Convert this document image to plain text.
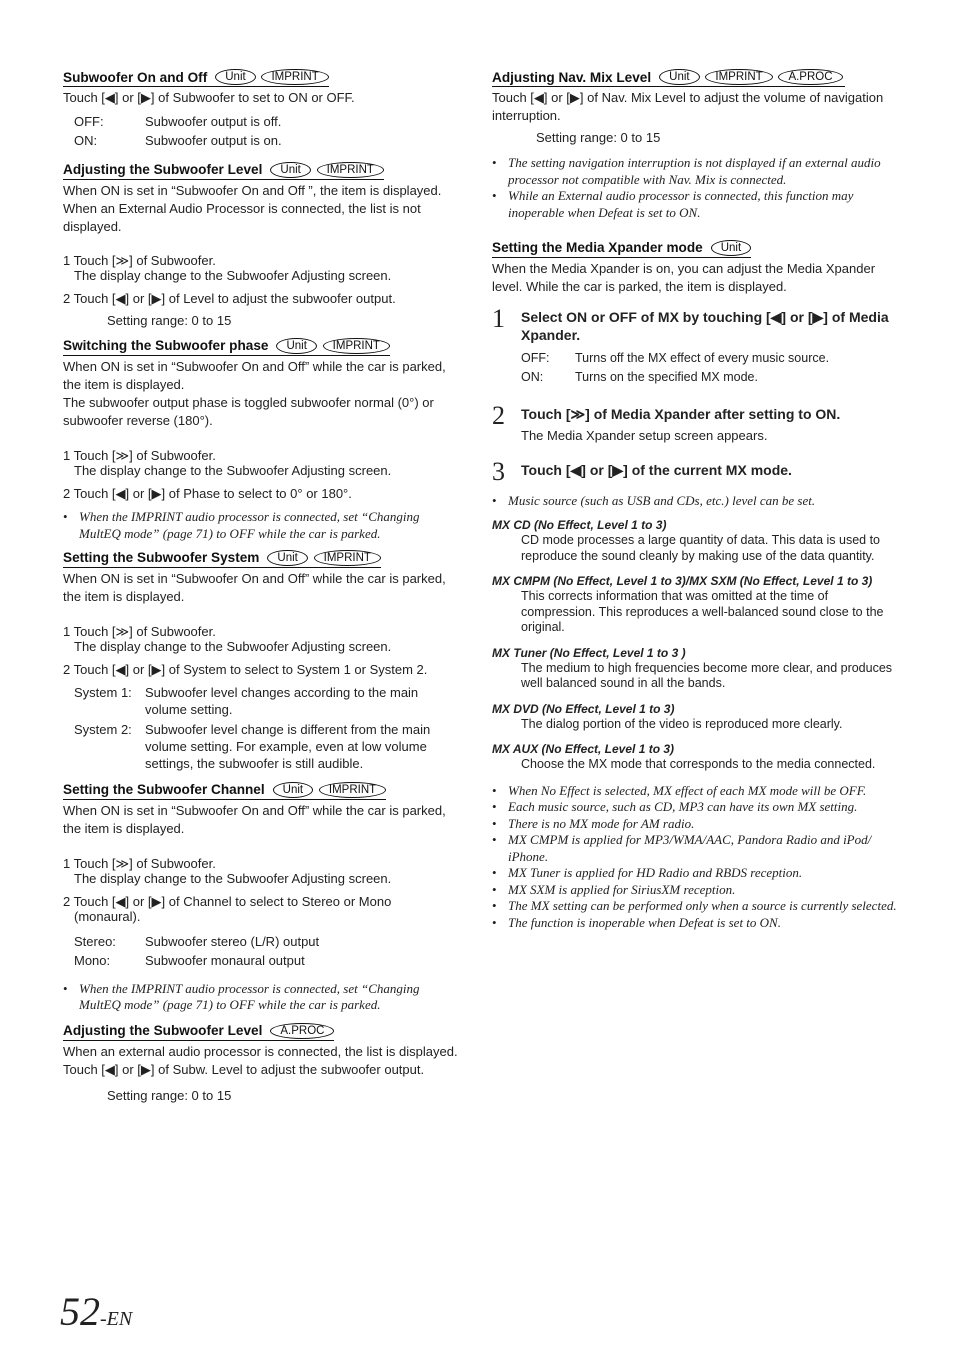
Subwoofer On and Off Unit IMPRINT

Touch [◀] or [▶] of Subwoofer to set to ON or OFF.

OFF:	Subwoofer output is off.
ON:	Subwoofer output is on.
Adjusting the Subwoofer Level Unit IMPRINT

When ON is set in “Subwoofer On and Off ”, the item is displayed.

When an External Audio Processor is connected, the list is not displayed.

1 Touch [≫] of Subwoofer.
The display change to the Subwoofer Adjusting screen.
2 Touch [◀] or [▶] of Level to adjust the subwoofer output.
Setting range: 0 to 15
Switching the Subwoofer phase Unit IMPRINT

When ON is set in “Subwoofer On and Off” while the car is parked, the item is displayed.

The subwoofer output phase is toggled subwoofer normal (0°) or subwoofer reverse (180°).

1 Touch [≫] of Subwoofer.
The display change to the Subwoofer Adjusting screen.
2 Touch [◀] or [▶] of Phase to select to 0° or 180°.
• When the IMPRINT audio processor is connected, set “Changing MultEQ mode” (page 71) to OFF while the car is parked.
Setting the Subwoofer System Unit IMPRINT

When ON is set in “Subwoofer On and Off” while the car is parked, the item is displayed.

1 Touch [≫] of Subwoofer.
The display change to the Subwoofer Adjusting screen.
2 Touch [◀] or [▶] of System to select to System 1 or System 2.
System 1:	Subwoofer level changes according to the main volume setting.
System 2:	Subwoofer level change is different from the main volume setting. For example, even at low volume settings, the subwoofer is still audible.
Setting the Subwoofer Channel Unit IMPRINT

When ON is set in “Subwoofer On and Off” while the car is parked, the item is displayed.

1 Touch [≫] of Subwoofer.
The display change to the Subwoofer Adjusting screen.
2 Touch [◀] or [▶] of Channel to select to Stereo or Mono
(monaural).
Stereo:	Subwoofer stereo (L/R) output
Mono:	Subwoofer monaural output
• When the IMPRINT audio processor is connected, set “Changing MultEQ mode” (page 71) to OFF while the car is parked.
Adjusting the Subwoofer Level A.PROC

When an external audio processor is connected, the list is displayed.

Touch [◀] or [▶] of Subw. Level to adjust the subwoofer output.

Setting range: 0 to 15
Adjusting Nav. Mix Level Unit IMPRINT A.PROC

Touch [◀] or [▶] of Nav. Mix Level to adjust the volume of navigation interruption.

Setting range: 0 to 15
• The setting navigation interruption is not displayed if an external audio processor not compatible with Nav. Mix is connected.
• While an External audio processor is connected, this function may inoperable when Defeat is set to ON.
Setting the Media Xpander mode Unit

When the Media Xpander is on, you can adjust the Media Xpander level. While the car is parked, the item is displayed.

1	Select ON or OFF of MX by touching [◀] or [▶] of Media Xpander.
OFF:	Turns off the MX effect of every music source.
ON:	Turns on the specified MX mode.
2	Touch [≫] of Media Xpander after setting to ON.

The Media Xpander setup screen appears.

3	Touch [◀] or [▶] of the current MX mode.
• Music source (such as USB and CDs, etc.) level can be set.
MX CD (No Effect, Level 1 to 3)
CD mode processes a large quantity of data. This data is used to reproduce the sound cleanly by making use of the data quantity.
MX CMPM (No Effect, Level 1 to 3)/MX SXM (No Effect, Level 1 to 3)
This corrects information that was omitted at the time of compression. This reproduces a well-balanced sound close to the original.
MX Tuner (No Effect, Level 1 to 3 )
The medium to high frequencies become more clear, and produces well balanced sound in all the bands.
MX DVD (No Effect, Level 1 to 3)
The dialog portion of the video is reproduced more clearly.
MX AUX (No Effect, Level 1 to 3)
Choose the MX mode that corresponds to the media connected.
• When No Effect is selected, MX effect of each MX mode will be OFF.
• Each music source, such as CD, MP3 can have its own MX setting.
• There is no MX mode for AM radio.
• MX CMPM is applied for MP3/WMA/AAC, Pandora Radio and iPod/ iPhone.
• MX Tuner is applied for HD Radio and RBDS reception.
• MX SXM is applied for SiriusXM reception.
• The MX setting can be performed only when a source is currently selected.
• The function is inoperable when Defeat is set to ON.
52-EN
